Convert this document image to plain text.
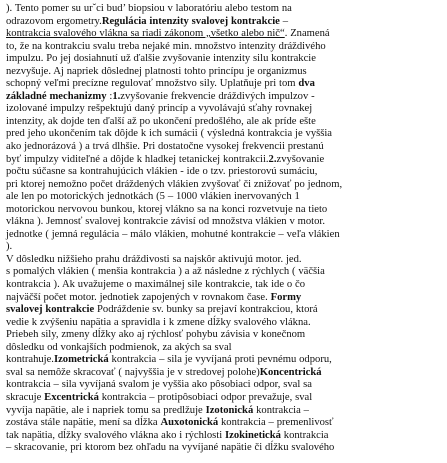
). Tento pomer su urˇci bud’ biopsiou v laboratóriu alebo testom na
odrazovom ergometry.Regulácia intenzity svalovej kontrakcie –
kontrakcia svalového vlákna sa riadi zákonom „všetko alebo nič“. Znamená
to, že na kontrakciu svalu treba nejaké min. množstvo intenzity dráždivého
impulzu. Po jej dosiahnutí už ďalšie zvyšovanie intenzity silu kontrakcie
nezvyšuje. Aj napriek dôslednej platnosti tohto princípu je organizmus
schopný veľmi precízne regulovať množstvo sily. Uplatňuje pri tom dva
základné mechanizmy :1.zvyšovanie frekvencie dráždivých impulzov -
izolované impulzy rešpektujú daný princíp a vyvolávajú sťahy rovnakej
intenzity, ak dojde ten ďalší až po ukončení predošlého, ale ak príde ešte
pred jeho ukončením tak dôjde k ich sumácii ( výsledná kontrakcia je vyššia
ako jednorázová ) a trvá dlhšie. Pri dostatočne vysokej frekvencii prestanú
byť impulzy viditeľné a dôjde k hladkej tetanickej kontrakcii.2.zvyšovanie
počtu súčasne sa kontrahujúcich vlákien - ide o tzv. priestorovú sumáciu,
pri ktorej nemožno počet dráždených vlákien zvyšovať či znižovať po jednom,
ale len po motorických jednotkách (5 – 1000 vlákien inervovaných 1
motorickou nervovou bunkou, ktorej vlákno sa na konci rozvetvuje na tieto
vlákna ). Jemnosť svalovej kontrakcie závisí od množstva vlákien v motor.
jednotke ( jemná regulácia – málo vlákien, mohutné kontrakcie – veľa vlákien
).
V dôsledku nižšieho prahu dráždivosti sa najskôr aktivujú motor. jed.
s pomalých vlákien ( menšia kontrakcia ) a až následne z rýchlych ( väčšia
kontrakcia ). Ak uvažujeme o maximálnej sile kontrakcie, tak ide o čo
najväčší počet motor. jednotiek zapojených v rovnakom čase. Formy
svalovej kontrakcie Podráždenie sv. bunky sa prejaví kontrakciou, ktorá
vedie k zvýšeniu napätia a spravidla i k zmene dĺžky svalového vlákna.
Priebeh sily, zmeny dĺžky ako aj rýchlosť pohybu závisia v konečnom
dôsledku od vonkajších podmienok, za akých sa sval
kontrahuje.Izometrická kontrakcia – sila je vyvíjaná proti pevnému odporu,
sval sa nemôže skracovať ( najvyššia je v stredovej polohe)Koncentrická
kontrakcia – sila vyvíjaná svalom je vyššia ako pôsobiaci odpor, sval sa
skracuje Excentrická kontrakcia – protipôsobiaci odpor prevažuje, sval
vyvíja napätie, ale i napriek tomu sa predlžuje Izotonická kontrakcia –
zostáva stále napätie, mení sa dĺžka Auxotonická kontrakcia – premenlivosť
tak napätia, dĺžky svalového vlákna ako i rýchlosti Izokinetická kontrakcia
– skracovanie, pri ktorom bez ohľadu na vyvíjané napätie či dĺžku svalového
